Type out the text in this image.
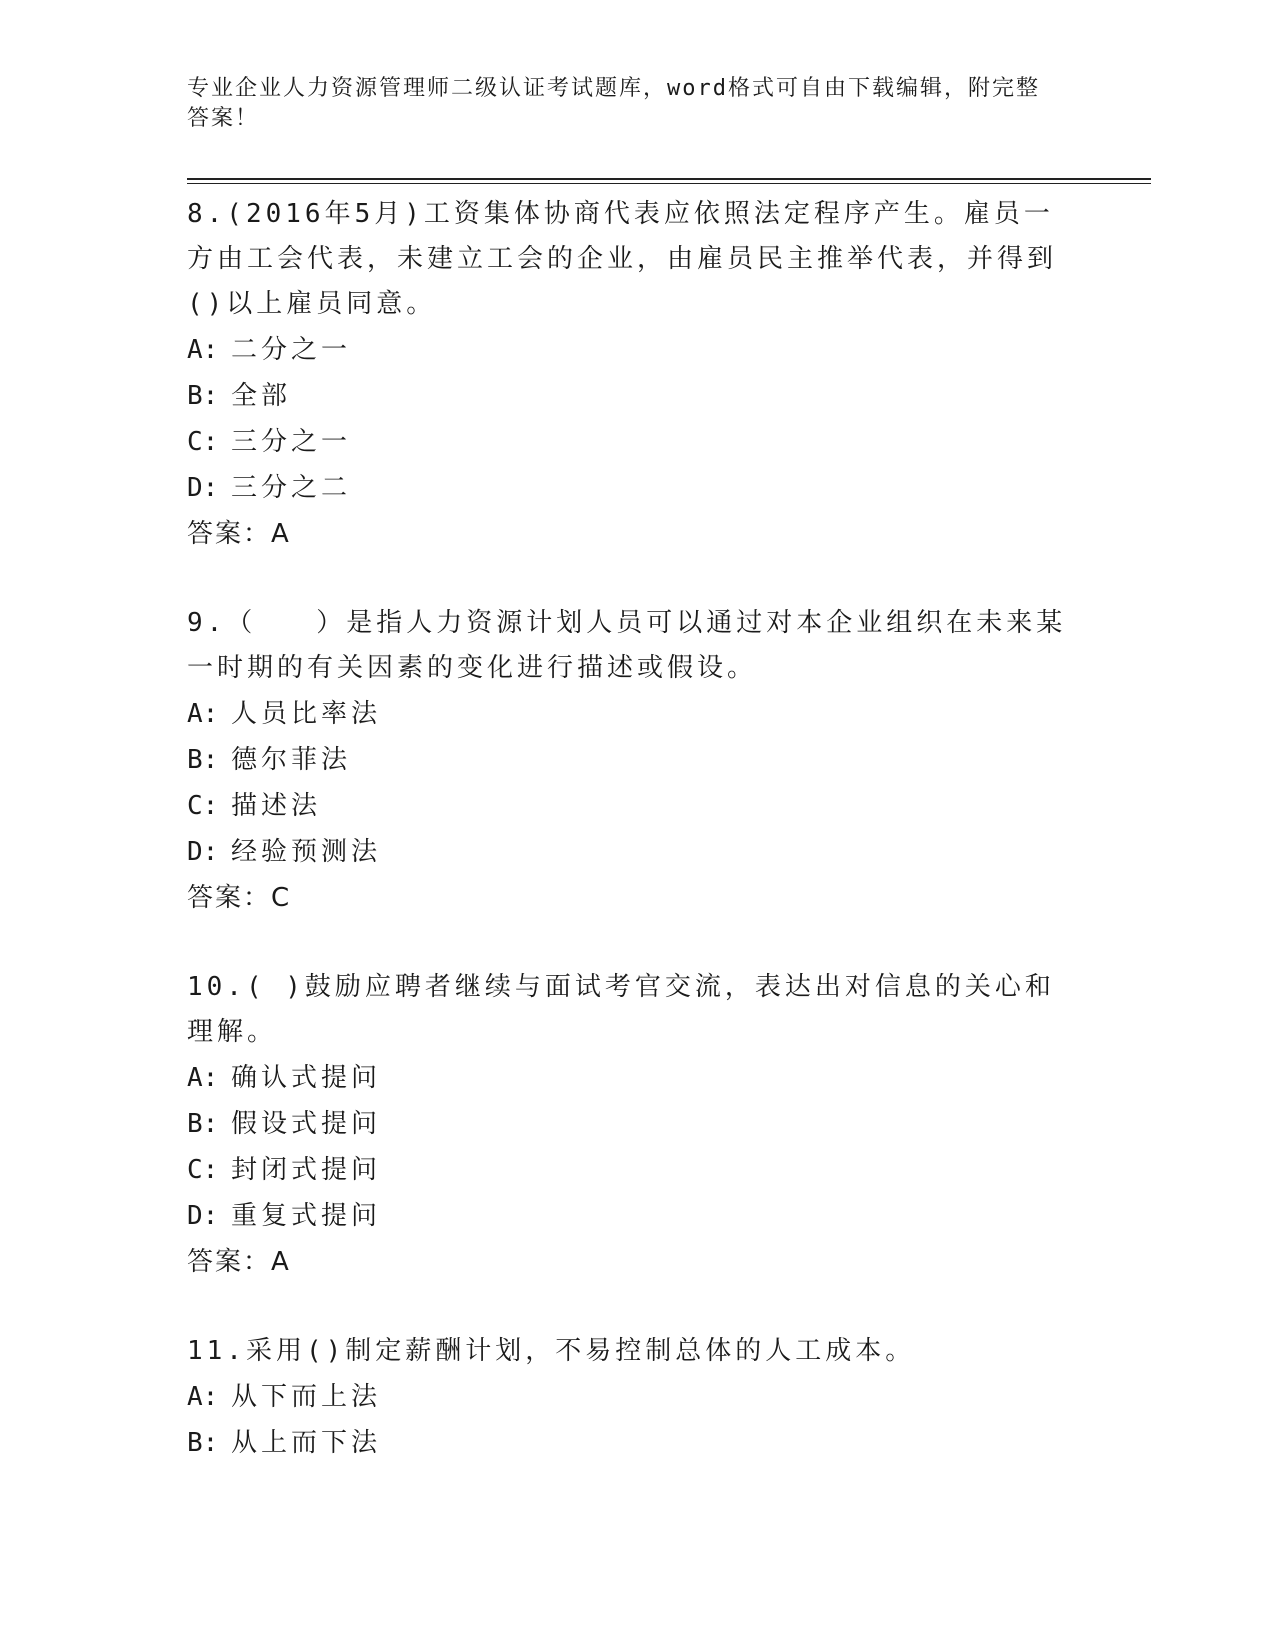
专业企业人力资源管理师二级认证考试题库，word格式可自由下载编辑，附完整
答案！

8.(2016年5月)工资集体协商代表应依照法定程序产生。雇员一方由工会代表，未建立工会的企业，由雇员民主推举代表，并得到()以上雇员同意。

A: 二分之一

B: 全部

C: 三分之一

D: 三分之二

答案：A

9.（　　）是指人力资源计划人员可以通过对本企业组织在未来某一时期的有关因素的变化进行描述或假设。

A: 人员比率法

B: 德尔菲法

C: 描述法

D: 经验预测法

答案：C

10.( )鼓励应聘者继续与面试考官交流，表达出对信息的关心和理解。

A: 确认式提问

B: 假设式提问

C: 封闭式提问

D: 重复式提问

答案：A

11.采用()制定薪酬计划，不易控制总体的人工成本。

A: 从下而上法

B: 从上而下法
